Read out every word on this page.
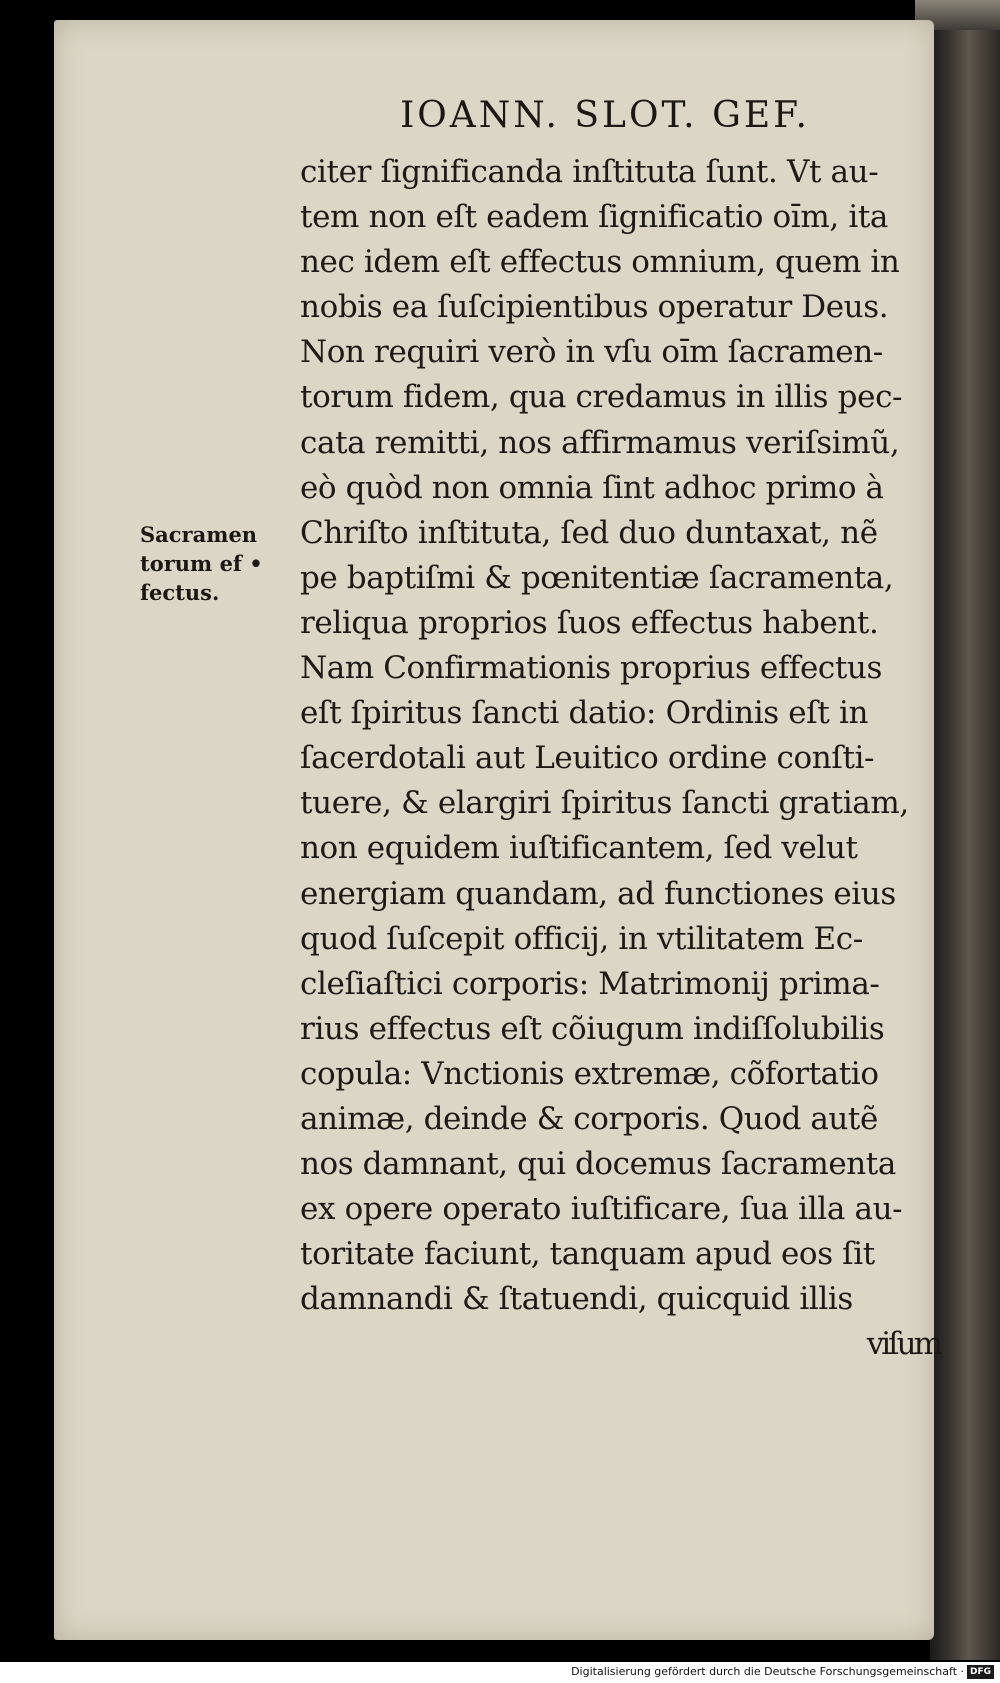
IOANN. SLOT. GEF.
Sacramen
torum ef •
fectus.
citer ſignificanda inſtituta ſunt. Vt au-
tem non eſt eadem ſignificatio oı̄m, ita
nec idem eſt effectus omnium, quem in
nobis ea ſuſcipientibus operatur Deus.
Non requiri verò in vſu oı̄m ſacramen-
torum fidem, qua credamus in illis pec-
cata remitti, nos affirmamus veriſsimũ,
eò quòd non omnia ſint adhoc primo à
Chriſto inſtituta, ſed duo duntaxat, nẽ
pe baptiſmi & pœnitentiæ ſacramenta,
reliqua proprios ſuos effectus habent.
Nam Confirmationis proprius effectus
eſt ſpiritus ſancti datio: Ordinis eſt in
ſacerdotali aut Leuitico ordine conſti-
tuere, & elargiri ſpiritus ſancti gratiam,
non equidem iuſtificantem, ſed velut
energiam quandam, ad functiones eius
quod ſuſcepit officij, in vtilitatem Ec-
cleſiaſtici corporis: Matrimonij prima-
rius effectus eſt cõiugum indiſſolubilis
copula: Vnctionis extremæ, cõfortatio
animæ, deinde & corporis. Quod autẽ
nos damnant, qui docemus ſacramenta
ex opere operato iuſtificare, ſua illa au-
toritate faciunt, tanquam apud eos ſit
damnandi & ſtatuendi, quicquid illis
viſum
Digitalisierung gefördert durch die Deutsche Forschungsgemeinschaft · DFG
